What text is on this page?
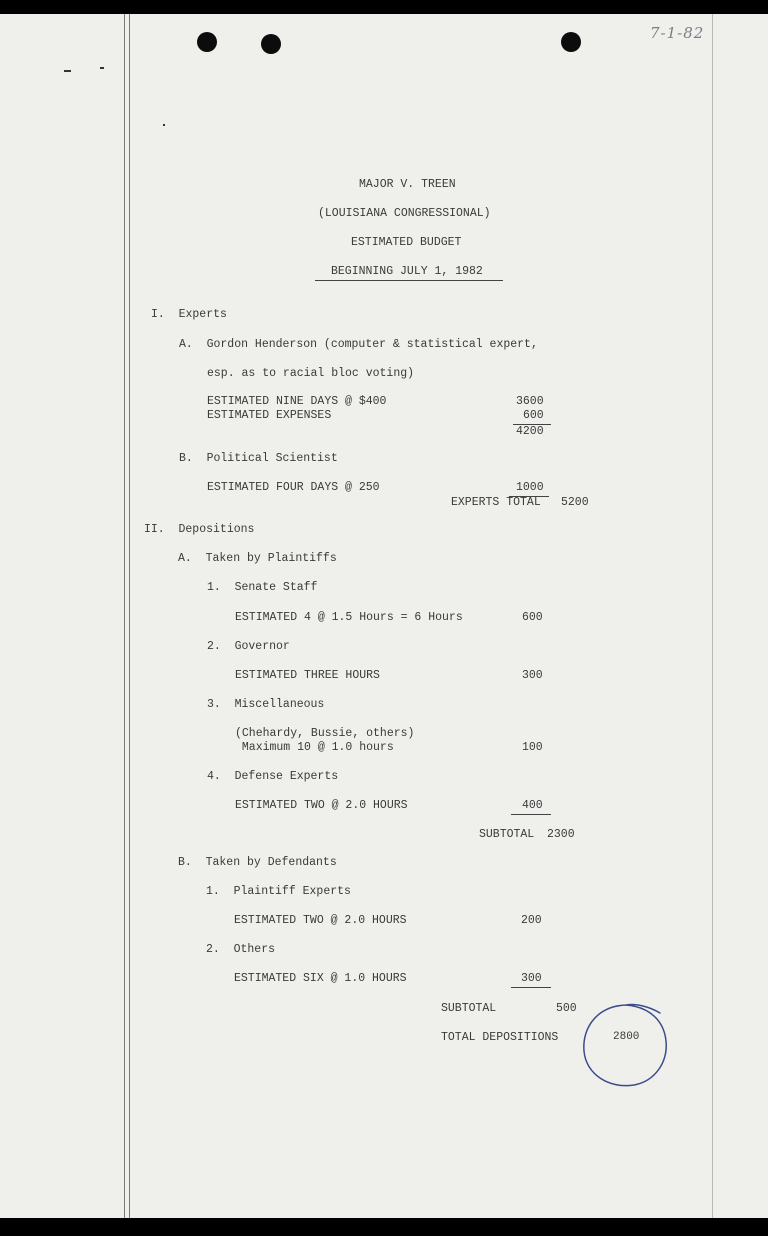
7-1-82
MAJOR V. TREEN
(LOUISIANA CONGRESSIONAL)
ESTIMATED BUDGET
BEGINNING JULY 1, 1982
I.  Experts
A.  Gordon Henderson (computer & statistical expert,
esp. as to racial bloc voting)
ESTIMATED NINE DAYS @ $400	3600
ESTIMATED EXPENSES	600
4200
B.  Political Scientist
ESTIMATED FOUR DAYS @ 250	1000
EXPERTS TOTAL 5200
II.  Depositions
A.  Taken by Plaintiffs
1.  Senate Staff
ESTIMATED 4 @ 1.5 Hours = 6 Hours	600
2.  Governor
ESTIMATED THREE HOURS	300
3.  Miscellaneous
(Chehardy, Bussie, others)
Maximum 10 @ 1.0 hours	100
4.  Defense Experts
ESTIMATED TWO @ 2.0 HOURS	400
SUBTOTAL 2300
B.  Taken by Defendants
1.  Plaintiff Experts
ESTIMATED TWO @ 2.0 HOURS	200
2.  Others
ESTIMATED SIX @ 1.0 HOURS	300
SUBTOTAL	500
TOTAL DEPOSITIONS	2800
